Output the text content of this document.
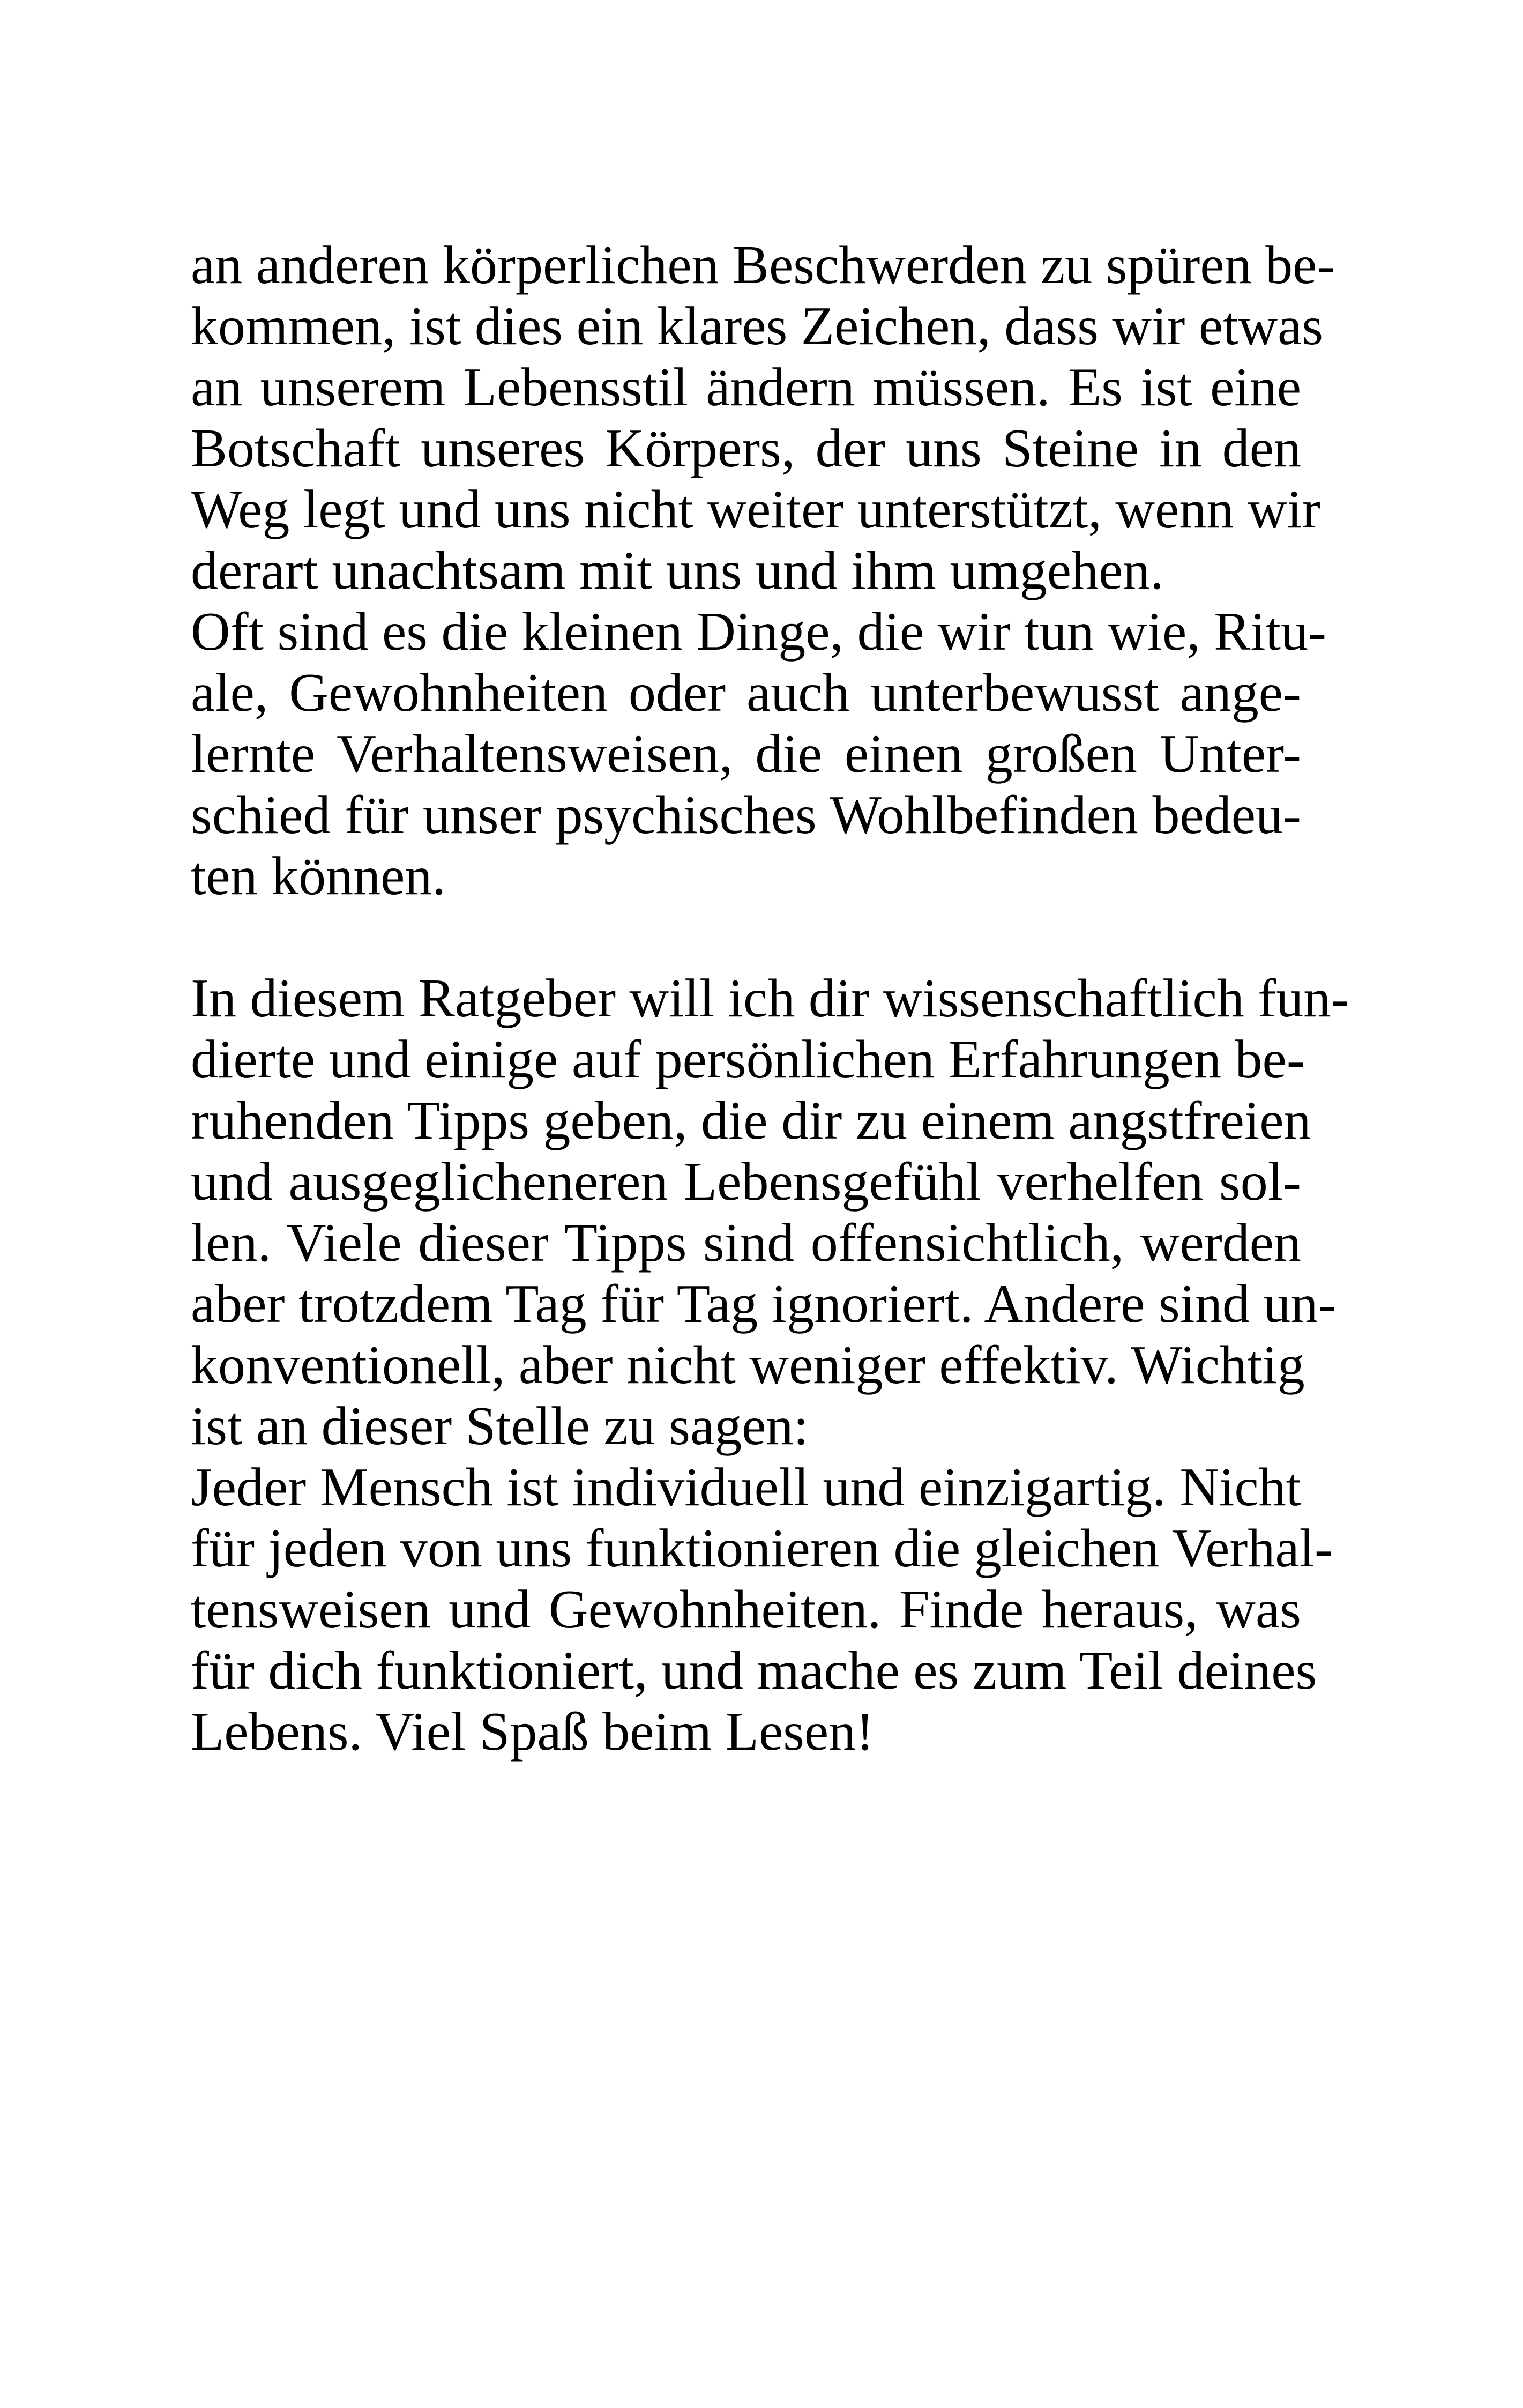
an anderen körperlichen Beschwerden zu spüren be-
kommen, ist dies ein klares Zeichen, dass wir etwas
an unserem Lebensstil ändern müssen. Es ist eine
Botschaft unseres Körpers, der uns Steine in den
Weg legt und uns nicht weiter unterstützt, wenn wir
derart unachtsam mit uns und ihm umgehen.
Oft sind es die kleinen Dinge, die wir tun wie, Ritu-
ale, Gewohnheiten oder auch unterbewusst ange-
lernte Verhaltensweisen, die einen großen Unter-
schied für unser psychisches Wohlbefinden bedeu-
ten können.
In diesem Ratgeber will ich dir wissenschaftlich fun-
dierte und einige auf persönlichen Erfahrungen be-
ruhenden Tipps geben, die dir zu einem angstfreien
und ausgeglicheneren Lebensgefühl verhelfen sol-
len. Viele dieser Tipps sind offensichtlich, werden
aber trotzdem Tag für Tag ignoriert. Andere sind un-
konventionell, aber nicht weniger effektiv. Wichtig
ist an dieser Stelle zu sagen:
Jeder Mensch ist individuell und einzigartig. Nicht
für jeden von uns funktionieren die gleichen Verhal-
tensweisen und Gewohnheiten. Finde heraus, was
für dich funktioniert, und mache es zum Teil deines
Lebens. Viel Spaß beim Lesen!
